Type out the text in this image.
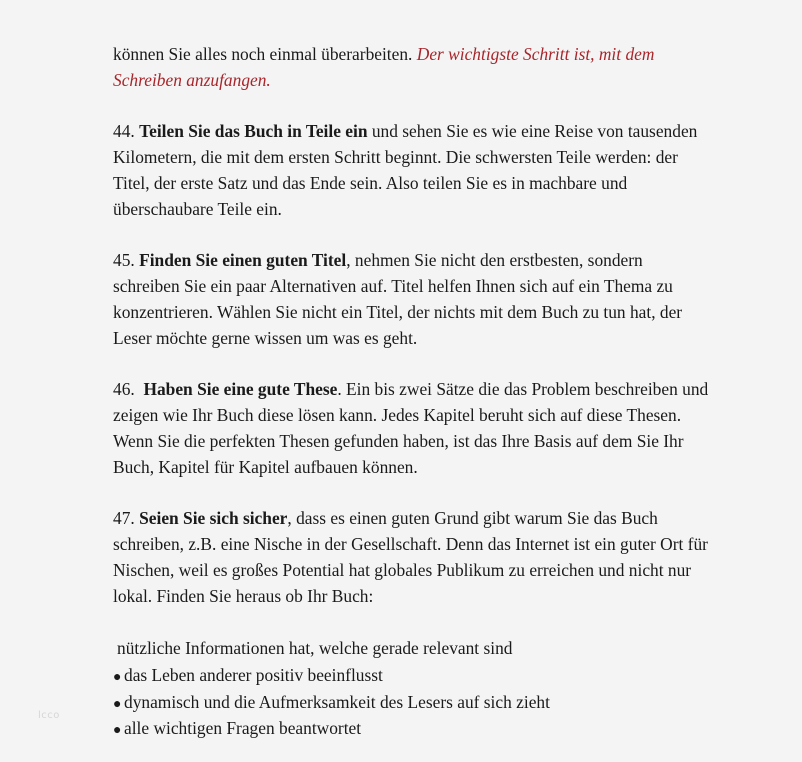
können Sie alles noch einmal überarbeiten. Der wichtigste Schritt ist, mit dem Schreiben anzufangen.

44. Teilen Sie das Buch in Teile ein und sehen Sie es wie eine Reise von tausenden Kilometern, die mit dem ersten Schritt beginnt. Die schwersten Teile werden: der Titel, der erste Satz und das Ende sein. Also teilen Sie es in machbare und überschaubare Teile ein.

45. Finden Sie einen guten Titel, nehmen Sie nicht den erstbesten, sondern schreiben Sie ein paar Alternativen auf. Titel helfen Ihnen sich auf ein Thema zu konzentrieren. Wählen Sie nicht ein Titel, der nichts mit dem Buch zu tun hat, der Leser möchte gerne wissen um was es geht.

46.  Haben Sie eine gute These. Ein bis zwei Sätze die das Problem beschreiben und zeigen wie Ihr Buch diese lösen kann. Jedes Kapitel beruht sich auf diese Thesen. Wenn Sie die perfekten Thesen gefunden haben, ist das Ihre Basis auf dem Sie Ihr Buch, Kapitel für Kapitel aufbauen können.

47. Seien Sie sich sicher, dass es einen guten Grund gibt warum Sie das Buch schreiben, z.B. eine Nische in der Gesellschaft. Denn das Internet ist ein guter Ort für Nischen, weil es großes Potential hat globales Publikum zu erreichen und nicht nur lokal. Finden Sie heraus ob Ihr Buch:

nützliche Informationen hat, welche gerade relevant sind
● das Leben anderer positiv beeinflusst
● dynamisch und die Aufmerksamkeit des Lesers auf sich zieht
● alle wichtigen Fragen beantwortet
lcco
